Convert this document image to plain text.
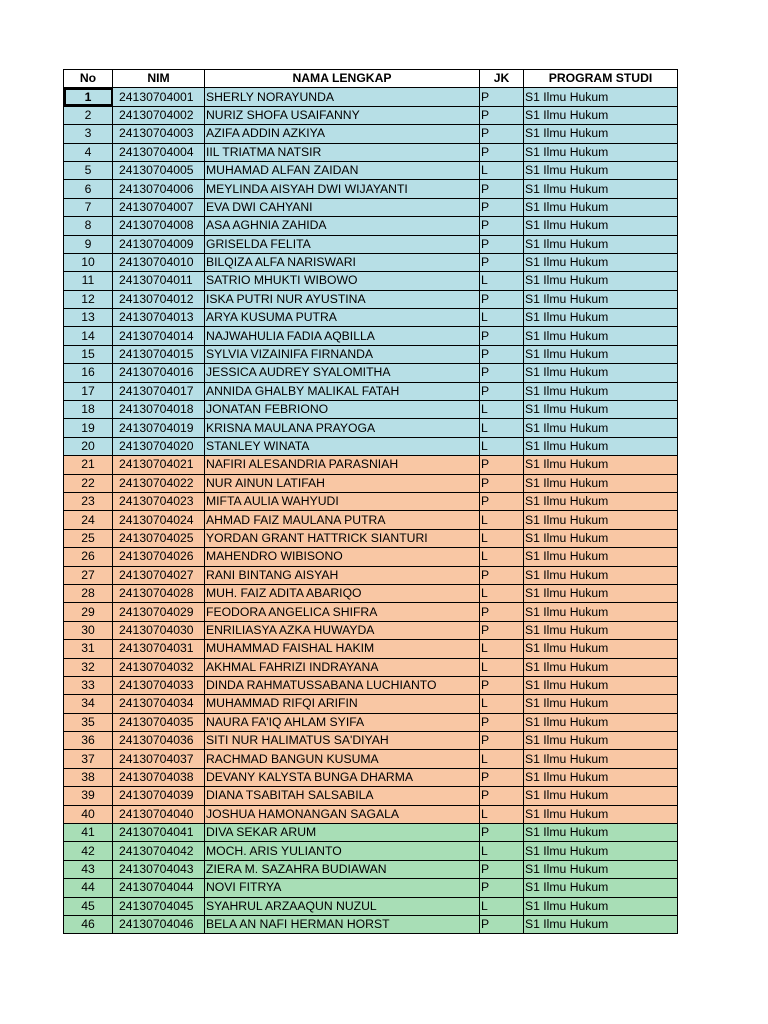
No	NIM	NAMA LENGKAP	JK	PROGRAM STUDI
1	24130704001	SHERLY NORAYUNDA	P	S1 Ilmu Hukum
2	24130704002	NURIZ SHOFA USAIFANNY	P	S1 Ilmu Hukum
3	24130704003	AZIFA ADDIN AZKIYA	P	S1 Ilmu Hukum
4	24130704004	IIL TRIATMA NATSIR	P	S1 Ilmu Hukum
5	24130704005	MUHAMAD ALFAN ZAIDAN	L	S1 Ilmu Hukum
6	24130704006	MEYLINDA AISYAH DWI WIJAYANTI	P	S1 Ilmu Hukum
7	24130704007	EVA DWI CAHYANI	P	S1 Ilmu Hukum
8	24130704008	ASA AGHNIA ZAHIDA	P	S1 Ilmu Hukum
9	24130704009	GRISELDA FELITA	P	S1 Ilmu Hukum
10	24130704010	BILQIZA ALFA NARISWARI	P	S1 Ilmu Hukum
11	24130704011	SATRIO MHUKTI WIBOWO	L	S1 Ilmu Hukum
12	24130704012	ISKA PUTRI NUR AYUSTINA	P	S1 Ilmu Hukum
13	24130704013	ARYA KUSUMA PUTRA	L	S1 Ilmu Hukum
14	24130704014	NAJWAHULIA FADIA AQBILLA	P	S1 Ilmu Hukum
15	24130704015	SYLVIA VIZAINIFA FIRNANDA	P	S1 Ilmu Hukum
16	24130704016	JESSICA AUDREY SYALOMITHA	P	S1 Ilmu Hukum
17	24130704017	ANNIDA GHALBY MALIKAL FATAH	P	S1 Ilmu Hukum
18	24130704018	JONATAN FEBRIONO	L	S1 Ilmu Hukum
19	24130704019	KRISNA MAULANA PRAYOGA	L	S1 Ilmu Hukum
20	24130704020	STANLEY WINATA	L	S1 Ilmu Hukum
21	24130704021	NAFIRI ALESANDRIA PARASNIAH	P	S1 Ilmu Hukum
22	24130704022	NUR AINUN LATIFAH	P	S1 Ilmu Hukum
23	24130704023	MIFTA AULIA WAHYUDI	P	S1 Ilmu Hukum
24	24130704024	AHMAD FAIZ MAULANA PUTRA	L	S1 Ilmu Hukum
25	24130704025	YORDAN GRANT HATTRICK SIANTURI	L	S1 Ilmu Hukum
26	24130704026	MAHENDRO WIBISONO	L	S1 Ilmu Hukum
27	24130704027	RANI BINTANG AISYAH	P	S1 Ilmu Hukum
28	24130704028	MUH. FAIZ ADITA ABARIQO	L	S1 Ilmu Hukum
29	24130704029	FEODORA ANGELICA SHIFRA	P	S1 Ilmu Hukum
30	24130704030	ENRILIASYA AZKA HUWAYDA	P	S1 Ilmu Hukum
31	24130704031	MUHAMMAD FAISHAL HAKIM	L	S1 Ilmu Hukum
32	24130704032	AKHMAL FAHRIZI INDRAYANA	L	S1 Ilmu Hukum
33	24130704033	DINDA RAHMATUSSABANA LUCHIANTO	P	S1 Ilmu Hukum
34	24130704034	MUHAMMAD RIFQI ARIFIN	L	S1 Ilmu Hukum
35	24130704035	NAURA FA'IQ AHLAM SYIFA	P	S1 Ilmu Hukum
36	24130704036	SITI NUR HALIMATUS SA'DIYAH	P	S1 Ilmu Hukum
37	24130704037	RACHMAD BANGUN KUSUMA	L	S1 Ilmu Hukum
38	24130704038	DEVANY KALYSTA BUNGA DHARMA	P	S1 Ilmu Hukum
39	24130704039	DIANA TSABITAH SALSABILA	P	S1 Ilmu Hukum
40	24130704040	JOSHUA HAMONANGAN SAGALA	L	S1 Ilmu Hukum
41	24130704041	DIVA SEKAR ARUM	P	S1 Ilmu Hukum
42	24130704042	MOCH. ARIS YULIANTO	L	S1 Ilmu Hukum
43	24130704043	ZIERA M. SAZAHRA BUDIAWAN	P	S1 Ilmu Hukum
44	24130704044	NOVI FITRYA	P	S1 Ilmu Hukum
45	24130704045	SYAHRUL ARZAAQUN NUZUL	L	S1 Ilmu Hukum
46	24130704046	BELA AN NAFI HERMAN HORST	P	S1 Ilmu Hukum
